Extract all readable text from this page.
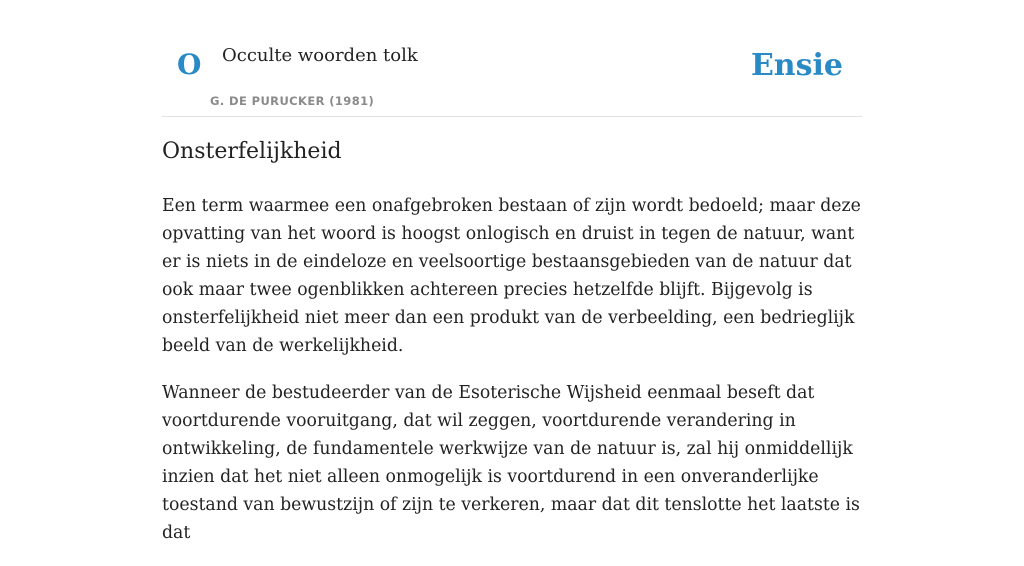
O Occulte woorden tolk
G. DE PURUCKER (1981)
Ensie
Onsterfelijkheid

Een term waarmee een onafgebroken bestaan of zijn wordt bedoeld; maar deze opvatting van het woord is hoogst onlogisch en druist in tegen de natuur, want er is niets in de eindeloze en veelsoortige bestaansgebieden van de natuur dat ook maar twee ogenblikken achtereen precies hetzelfde blijft. Bijgevolg is onsterfelijkheid niet meer dan een produkt van de verbeelding, een bedrieglijk beeld van de werkelijkheid.

Wanneer de bestudeerder van de Esoterische Wijsheid eenmaal beseft dat voortdurende vooruitgang, dat wil zeggen, voortdurende verandering in ontwikkeling, de fundamentele werkwijze van de natuur is, zal hij onmiddellijk inzien dat het niet alleen onmogelijk is voortdurend in een onveranderlijke toestand van bewustzijn of zijn te verkeren, maar dat dit tenslotte het laatste is dat
